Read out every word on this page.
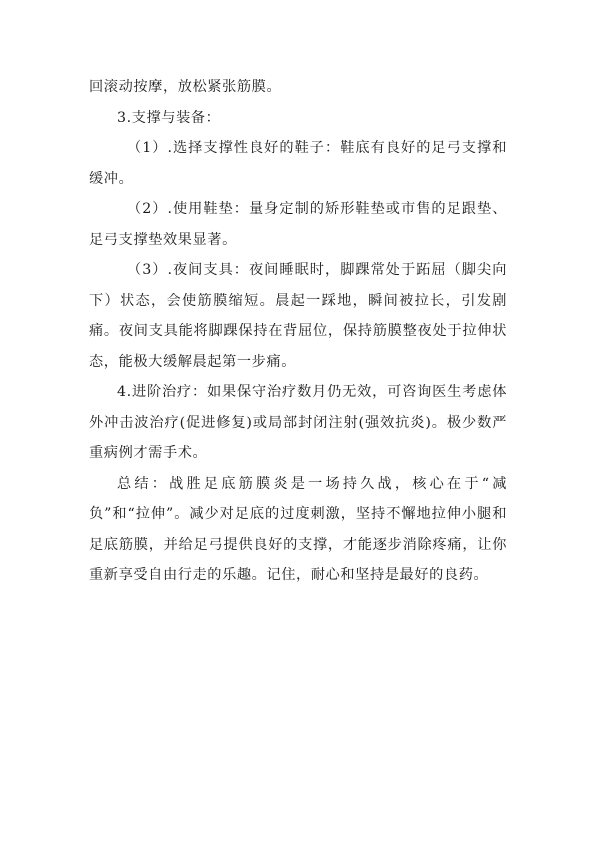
回滚动按摩，放松紧张筋膜。

3.支撑与装备：

（1）.选择支撑性良好的鞋子：鞋底有良好的足弓支撑和缓冲。

（2）.使用鞋垫：量身定制的矫形鞋垫或市售的足跟垫、足弓支撑垫效果显著。

（3）.夜间支具：夜间睡眠时，脚踝常处于跖屈（脚尖向下）状态，会使筋膜缩短。晨起一踩地，瞬间被拉长，引发剧痛。夜间支具能将脚踝保持在背屈位，保持筋膜整夜处于拉伸状态，能极大缓解晨起第一步痛。

4.进阶治疗：如果保守治疗数月仍无效，可咨询医生考虑体外冲击波治疗(促进修复)或局部封闭注射(强效抗炎)。极少数严重病例才需手术。

总结：战胜足底筋膜炎是一场持久战，核心在于“减负”和“拉伸”。减少对足底的过度刺激，坚持不懈地拉伸小腿和足底筋膜，并给足弓提供良好的支撑，才能逐步消除疼痛，让你重新享受自由行走的乐趣。记住，耐心和坚持是最好的良药。
